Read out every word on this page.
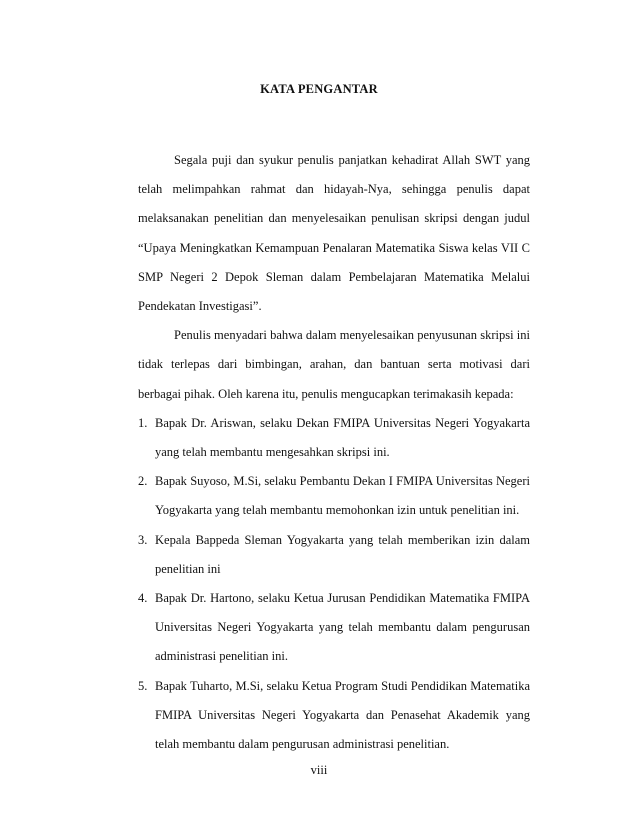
KATA PENGANTAR

Segala puji dan syukur penulis panjatkan kehadirat Allah SWT yang telah melimpahkan rahmat dan hidayah-Nya, sehingga penulis dapat melaksanakan penelitian dan menyelesaikan penulisan skripsi dengan judul “Upaya Meningkatkan Kemampuan Penalaran Matematika Siswa kelas VII C SMP Negeri 2 Depok Sleman dalam Pembelajaran Matematika Melalui Pendekatan Investigasi”.

Penulis menyadari bahwa dalam menyelesaikan penyusunan skripsi ini tidak terlepas dari bimbingan, arahan, dan bantuan serta motivasi dari berbagai pihak. Oleh karena itu, penulis mengucapkan terimakasih kepada:

1. Bapak Dr. Ariswan, selaku Dekan FMIPA Universitas Negeri Yogyakarta yang telah membantu mengesahkan skripsi ini.
2. Bapak Suyoso, M.Si, selaku Pembantu Dekan I FMIPA Universitas Negeri Yogyakarta yang telah membantu memohonkan izin untuk penelitian ini.
3. Kepala Bappeda Sleman Yogyakarta yang telah memberikan izin dalam penelitian ini
4. Bapak Dr. Hartono, selaku Ketua Jurusan Pendidikan Matematika FMIPA Universitas Negeri Yogyakarta yang telah membantu dalam pengurusan administrasi penelitian ini.
5. Bapak Tuharto, M.Si, selaku Ketua Program Studi Pendidikan Matematika FMIPA Universitas Negeri Yogyakarta dan Penasehat Akademik yang telah membantu dalam pengurusan administrasi penelitian.
viii
